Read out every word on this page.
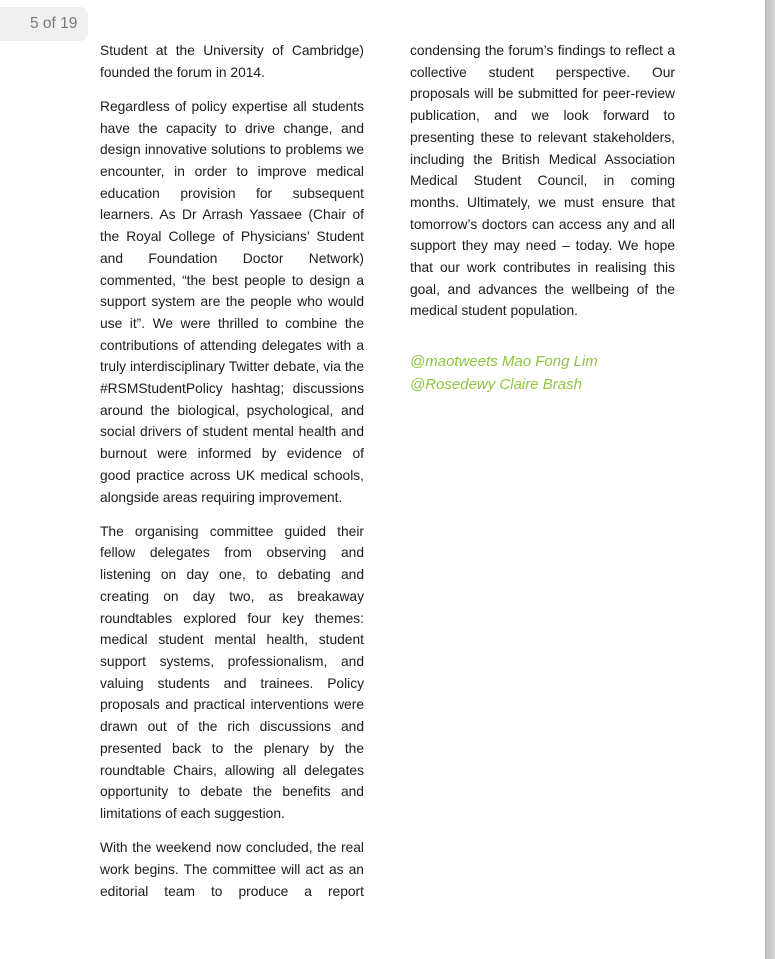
Student at the University of Cambridge) founded the forum in 2014.

Regardless of policy expertise all students have the capacity to drive change, and design innovative solutions to problems we encounter, in order to improve medical education provision for subsequent learners. As Dr Arrash Yassaee (Chair of the Royal College of Physicians’ Student and Foundation Doctor Network) commented, “the best people to design a support system are the people who would use it”. We were thrilled to combine the contributions of attending delegates with a truly interdisciplinary Twitter debate, via the #RSMStudentPolicy hashtag; discussions around the biological, psychological, and social drivers of student mental health and burnout were informed by evidence of good practice across UK medical schools, alongside areas requiring improvement.

The organising committee guided their fellow delegates from observing and listening on day one, to debating and creating on day two, as breakaway roundtables explored four key themes: medical student mental health, student support systems, professionalism, and valuing students and trainees. Policy proposals and practical interventions were drawn out of the rich discussions and presented back to the plenary by the roundtable Chairs, allowing all delegates opportunity to debate the benefits and limitations of each suggestion.

With the weekend now concluded, the real work begins. The committee will act as an editorial team to produce a report

condensing the forum’s findings to reflect a collective student perspective. Our proposals will be submitted for peer-review publication, and we look forward to presenting these to relevant stakeholders, including the British Medical Association Medical Student Council, in coming months. Ultimately, we must ensure that tomorrow’s doctors can access any and all support they may need – today. We hope that our work contributes in realising this goal, and advances the wellbeing of the medical student population.

@maotweets Mao Fong Lim

@Rosedewy Claire Brash

5 of 19
